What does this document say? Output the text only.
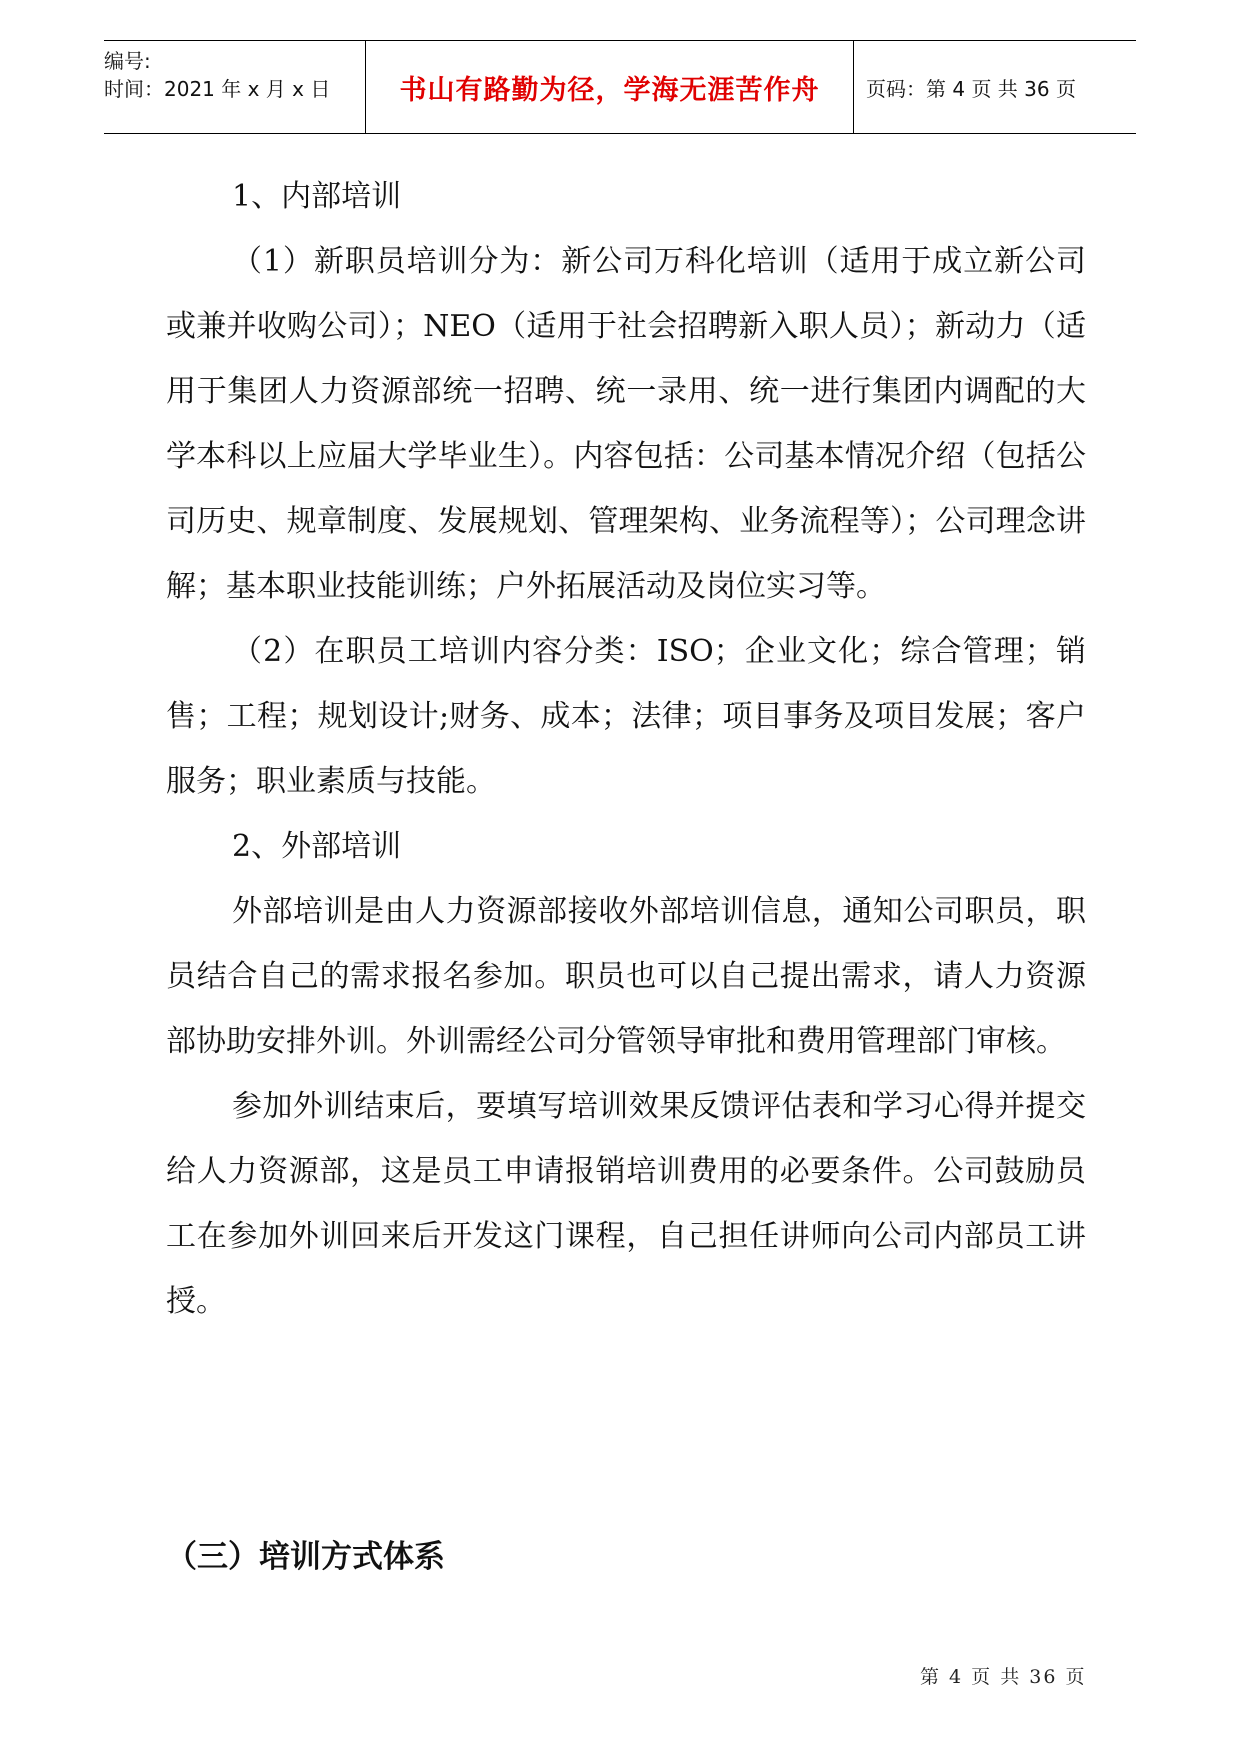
编号:
时间：2021 年 x 月 x 日	书山有路勤为径，学海无涯苦作舟	页码：第 4 页 共 36 页

1、内部培训

（1）新职员培训分为：新公司万科化培训（适用于成立新公司或兼并收购公司）；NEO（适用于社会招聘新入职人员）；新动力（适用于集团人力资源部统一招聘、统一录用、统一进行集团内调配的大学本科以上应届大学毕业生）。内容包括：公司基本情况介绍（包括公司历史、规章制度、发展规划、管理架构、业务流程等）；公司理念讲解；基本职业技能训练；户外拓展活动及岗位实习等。

（2）在职员工培训内容分类：ISO；企业文化；综合管理；销售；工程；规划设计;财务、成本；法律；项目事务及项目发展；客户服务；职业素质与技能。

2、外部培训

外部培训是由人力资源部接收外部培训信息，通知公司职员，职员结合自己的需求报名参加。职员也可以自己提出需求，请人力资源部协助安排外训。外训需经公司分管领导审批和费用管理部门审核。

参加外训结束后，要填写培训效果反馈评估表和学习心得并提交给人力资源部，这是员工申请报销培训费用的必要条件。公司鼓励员工在参加外训回来后开发这门课程，自己担任讲师向公司内部员工讲授。

（三）培训方式体系
第 4 页 共 36 页
